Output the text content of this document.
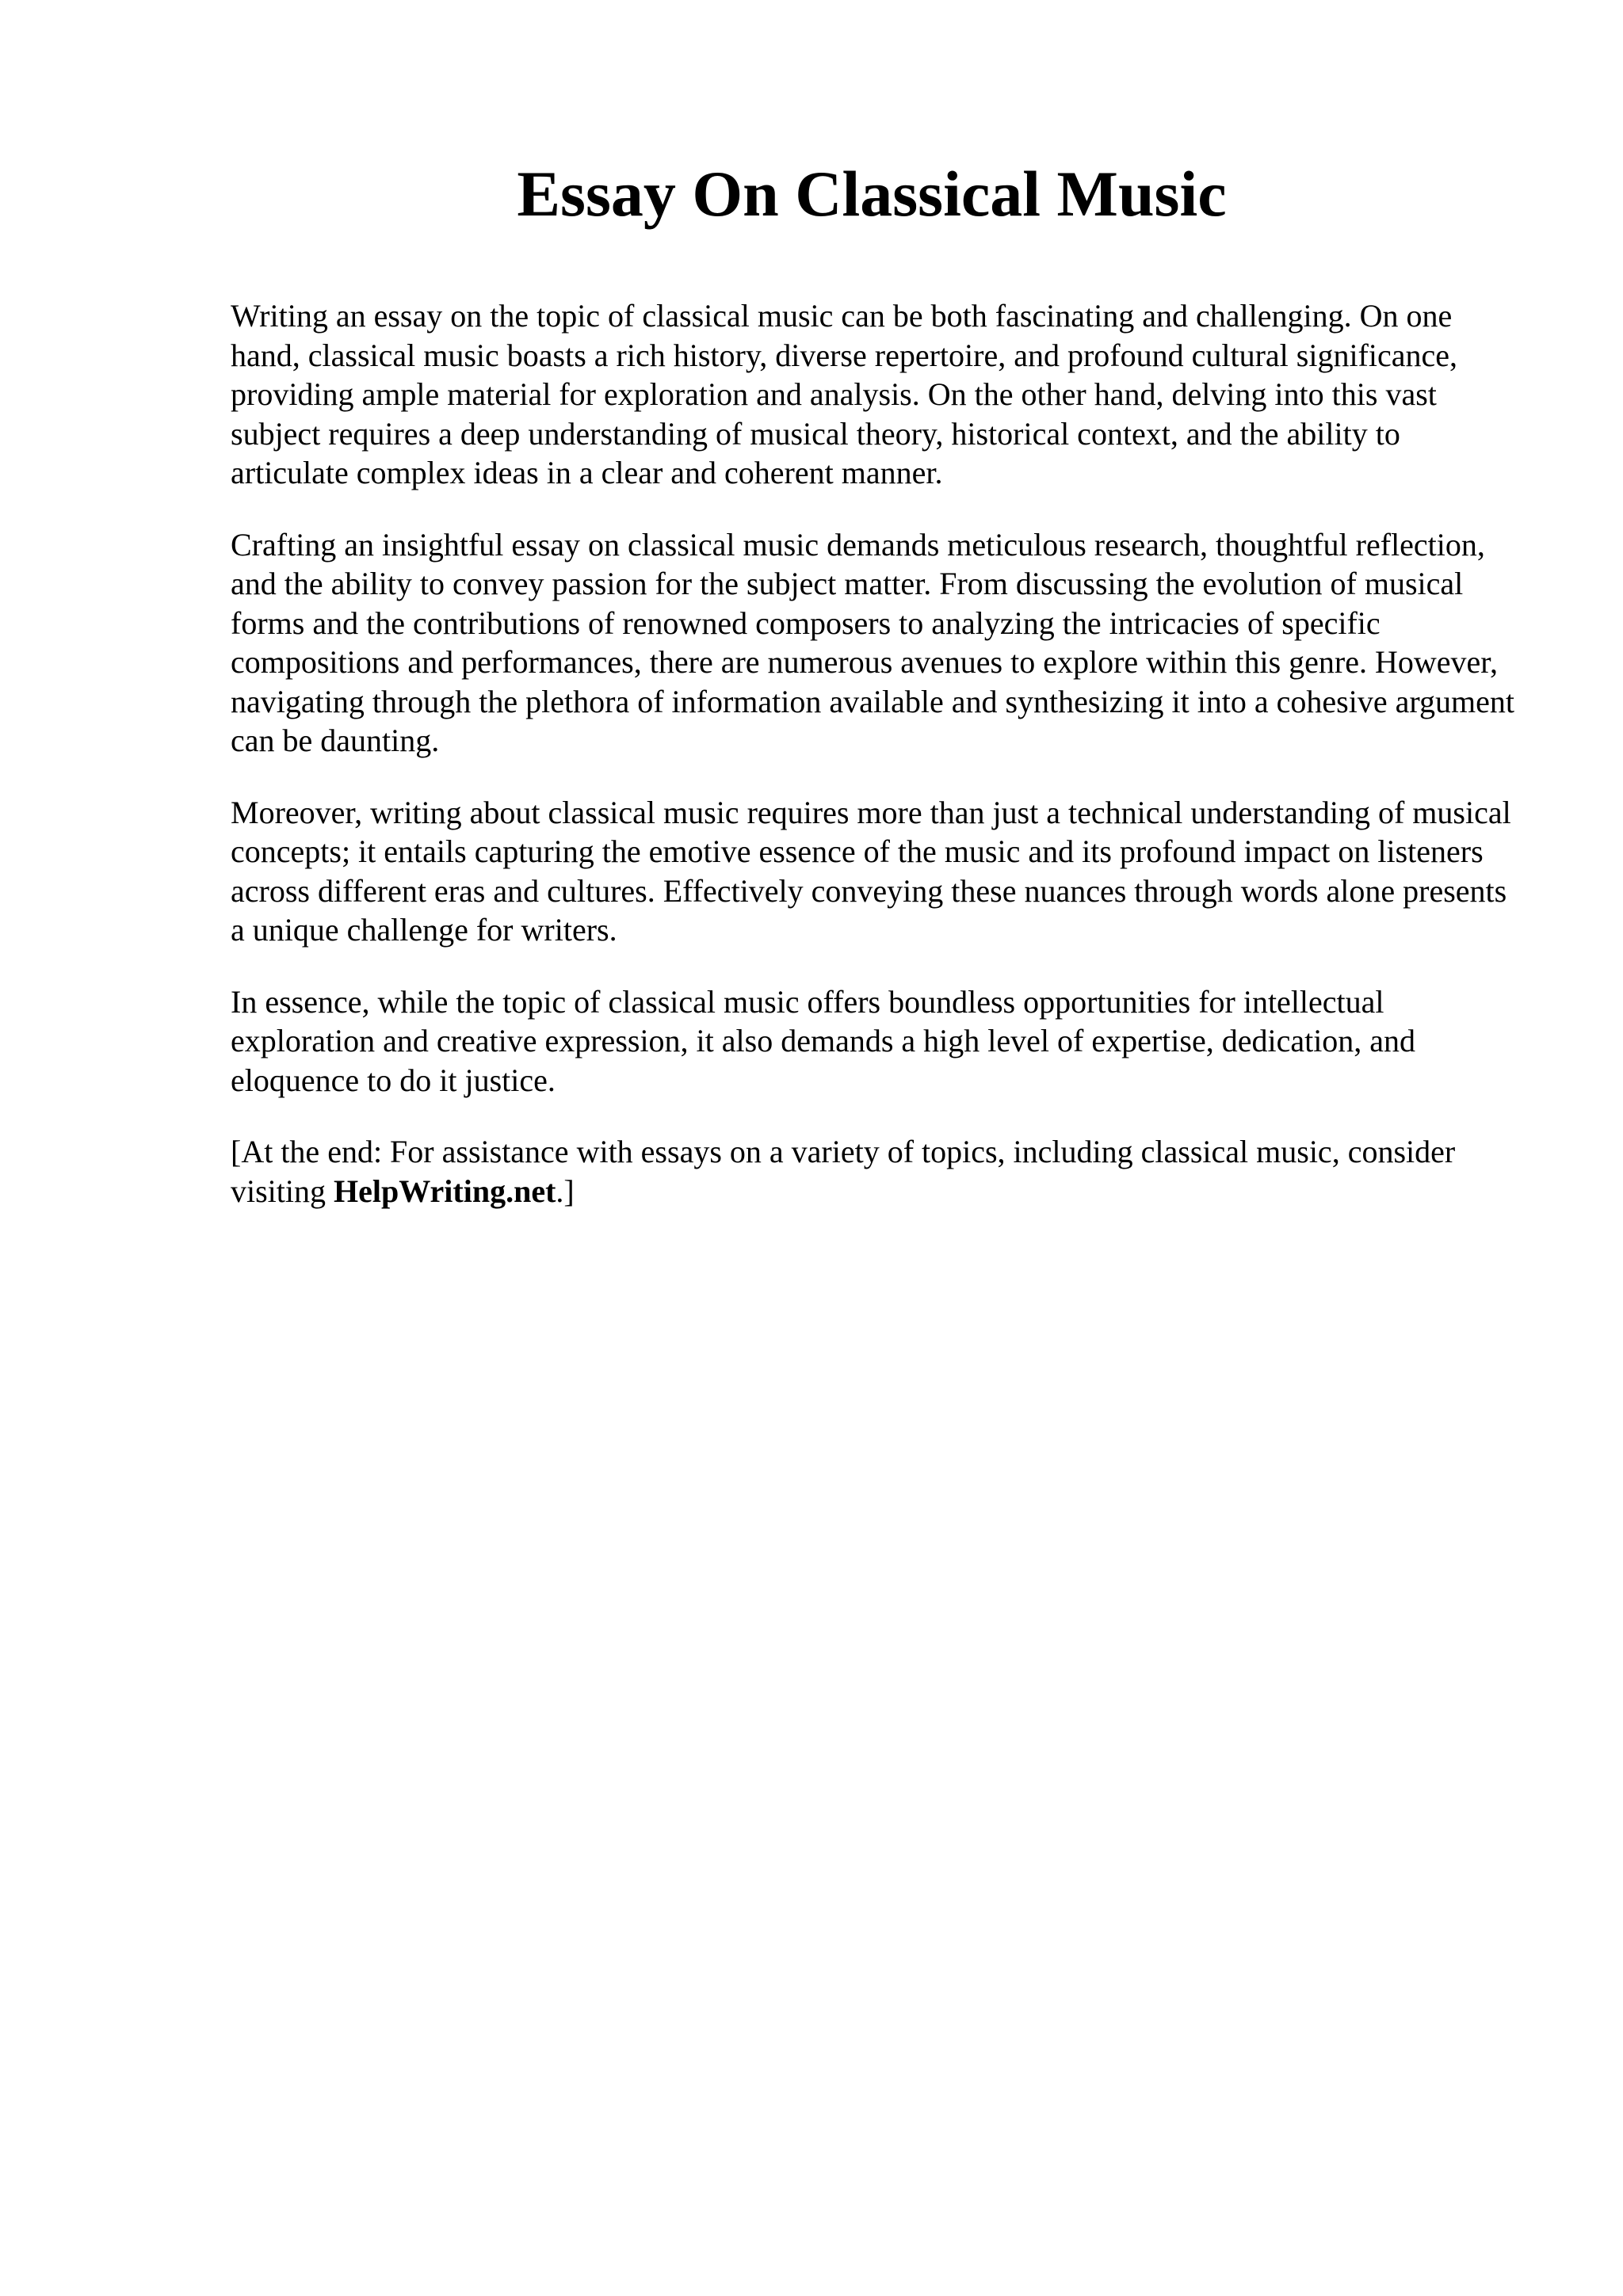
Essay On Classical Music

Writing an essay on the topic of classical music can be both fascinating and challenging. On one hand, classical music boasts a rich history, diverse repertoire, and profound cultural significance, providing ample material for exploration and analysis. On the other hand, delving into this vast subject requires a deep understanding of musical theory, historical context, and the ability to articulate complex ideas in a clear and coherent manner.

Crafting an insightful essay on classical music demands meticulous research, thoughtful reflection, and the ability to convey passion for the subject matter. From discussing the evolution of musical forms and the contributions of renowned composers to analyzing the intricacies of specific compositions and performances, there are numerous avenues to explore within this genre. However, navigating through the plethora of information available and synthesizing it into a cohesive argument can be daunting.

Moreover, writing about classical music requires more than just a technical understanding of musical concepts; it entails capturing the emotive essence of the music and its profound impact on listeners across different eras and cultures. Effectively conveying these nuances through words alone presents a unique challenge for writers.

In essence, while the topic of classical music offers boundless opportunities for intellectual exploration and creative expression, it also demands a high level of expertise, dedication, and eloquence to do it justice.

[At the end: For assistance with essays on a variety of topics, including classical music, consider visiting HelpWriting.net.]
